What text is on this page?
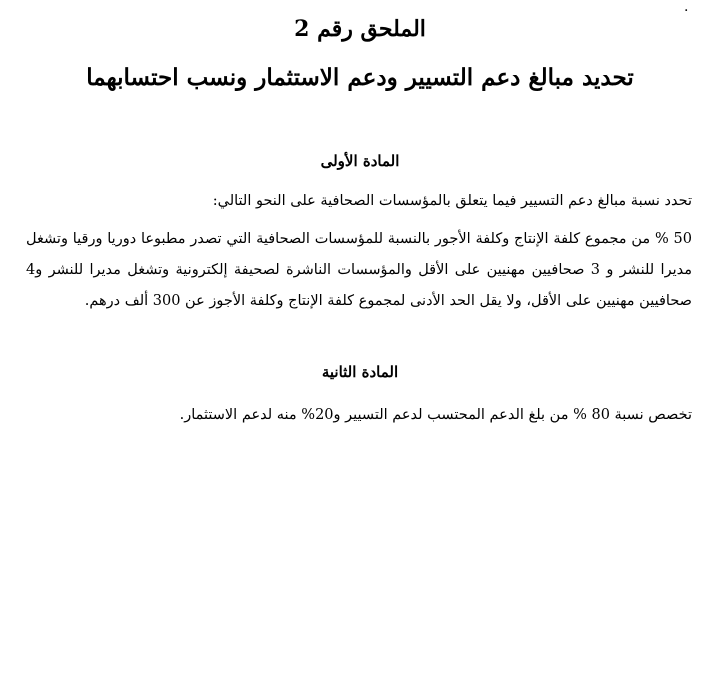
·
الملحق رقم 2
تحديد مبالغ دعم التسيير ودعم الاستثمار ونسب احتسابهما
المادة الأولى
تحدد نسبة مبالغ دعم التسيير فيما يتعلق بالمؤسسات الصحافية على النحو التالي:
50 % من مجموع كلفة الإنتاج وكلفة الأجور بالنسبة للمؤسسات الصحافية التي تصدر مطبوعا دوريا ورقيا وتشغل مديرا للنشر و 3 صحافيين مهنيين على الأقل والمؤسسات الناشرة لصحيفة إلكترونية وتشغل مديرا للنشر و4 صحافيين مهنيين على الأقل، ولا يقل الحد الأدنى لمجموع كلفة الإنتاج وكلفة الأجوز عن 300 ألف درهم.
المادة الثانية
تخصص نسبة 80 % من بلغ الدعم المحتسب لدعم التسيير و20% منه لدعم الاستثمار.
